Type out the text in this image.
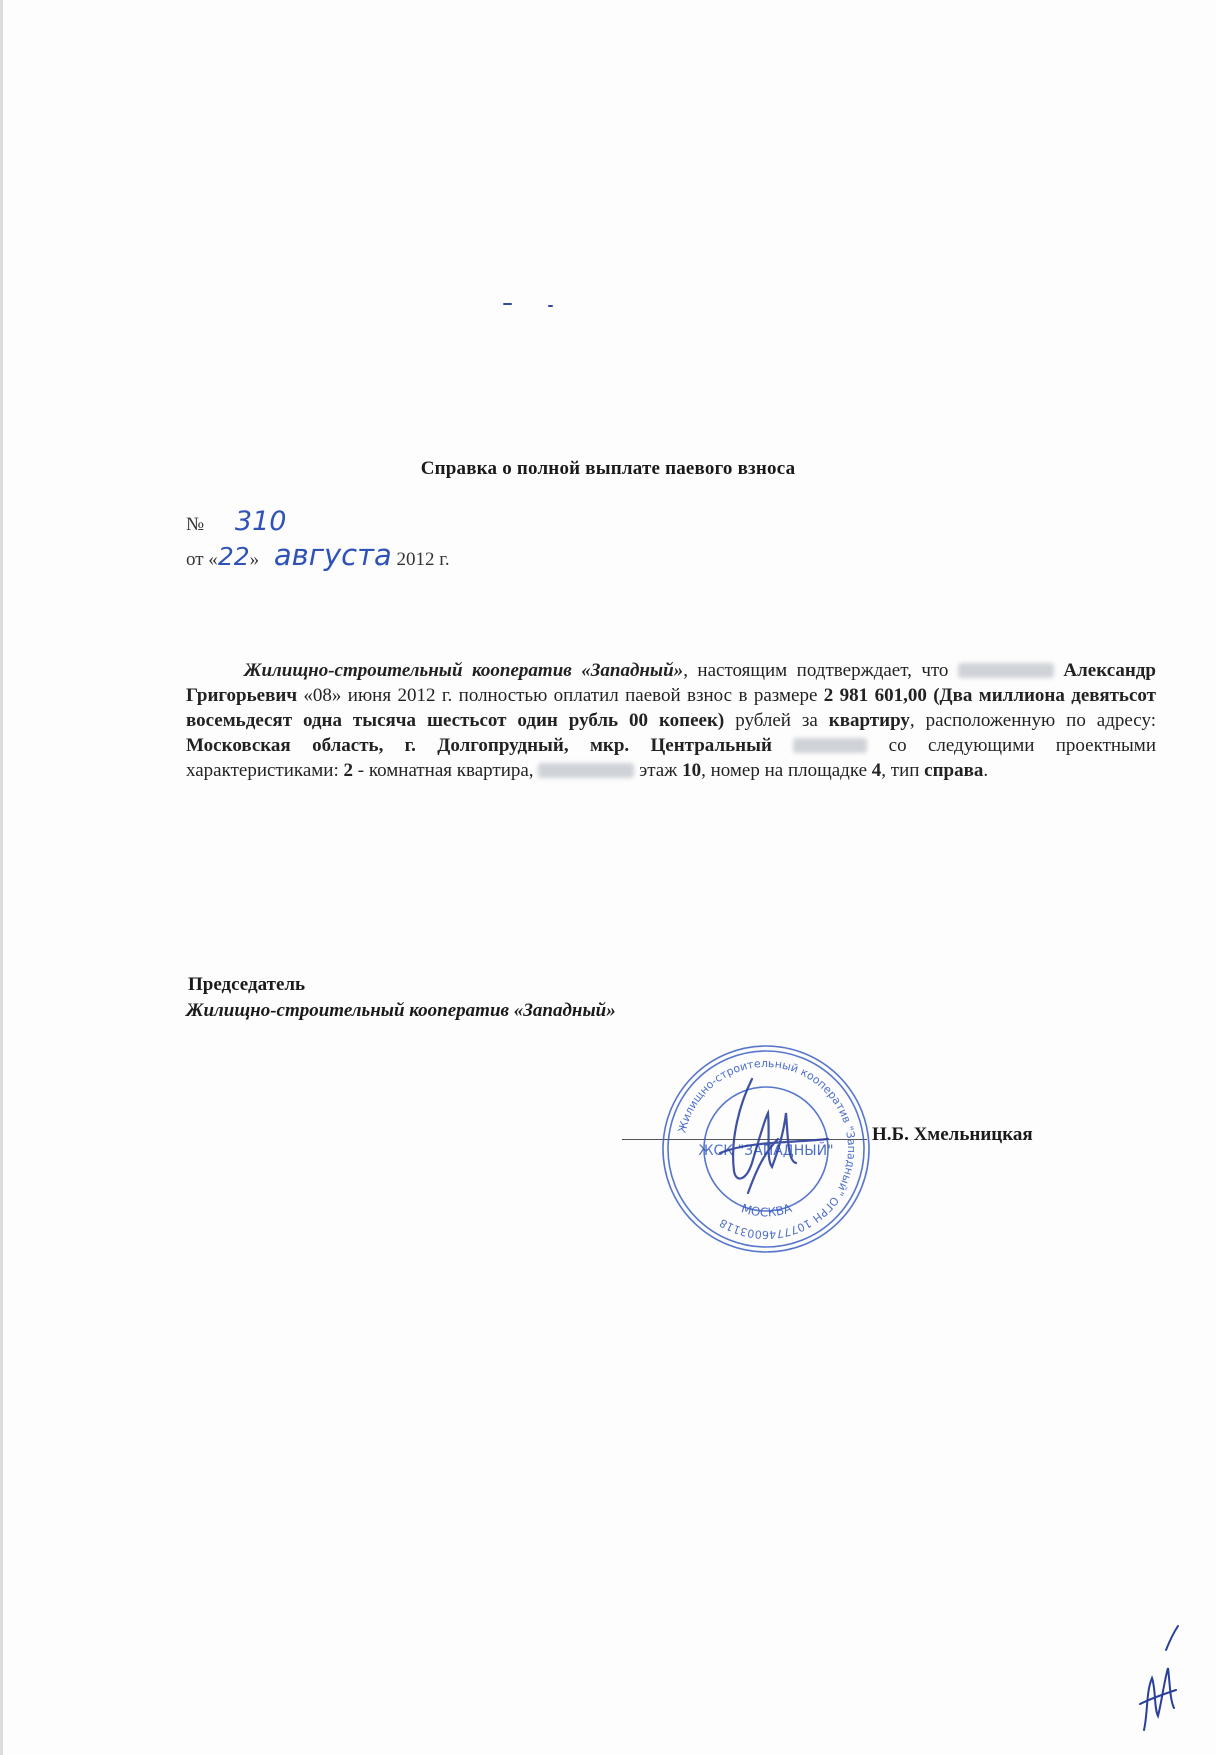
Справка о полной выплате паевого взноса
№ 310
от «22» августа 2012 г.

Жилищно-строительный кооператив «Западный», настоящим подтверждает, что	Александр Григорьевич «08» июня 2012 г. полностью оплатил паевой взнос в размере 2 981 601,00 (Два миллиона девятьсот восемьдесят одна тысяча шестьсот один рубль 00 копеек) рублей за квартиру, расположенную по адресу: Московская область, г. Долгопрудный, мкр. Центральный	со следующими проектными характеристиками: 2 - комнатная квартира,	этаж 10, номер на площадке 4, тип справа.

Председатель
Жилищно-строительный кооператив «Западный»
Н.Б. Хмельницкая
Жилищно-строительный кооператив "Западный" ОГРН 1077746003118
ЖСК "ЗАПАДНЫЙ"
МОСКВА
